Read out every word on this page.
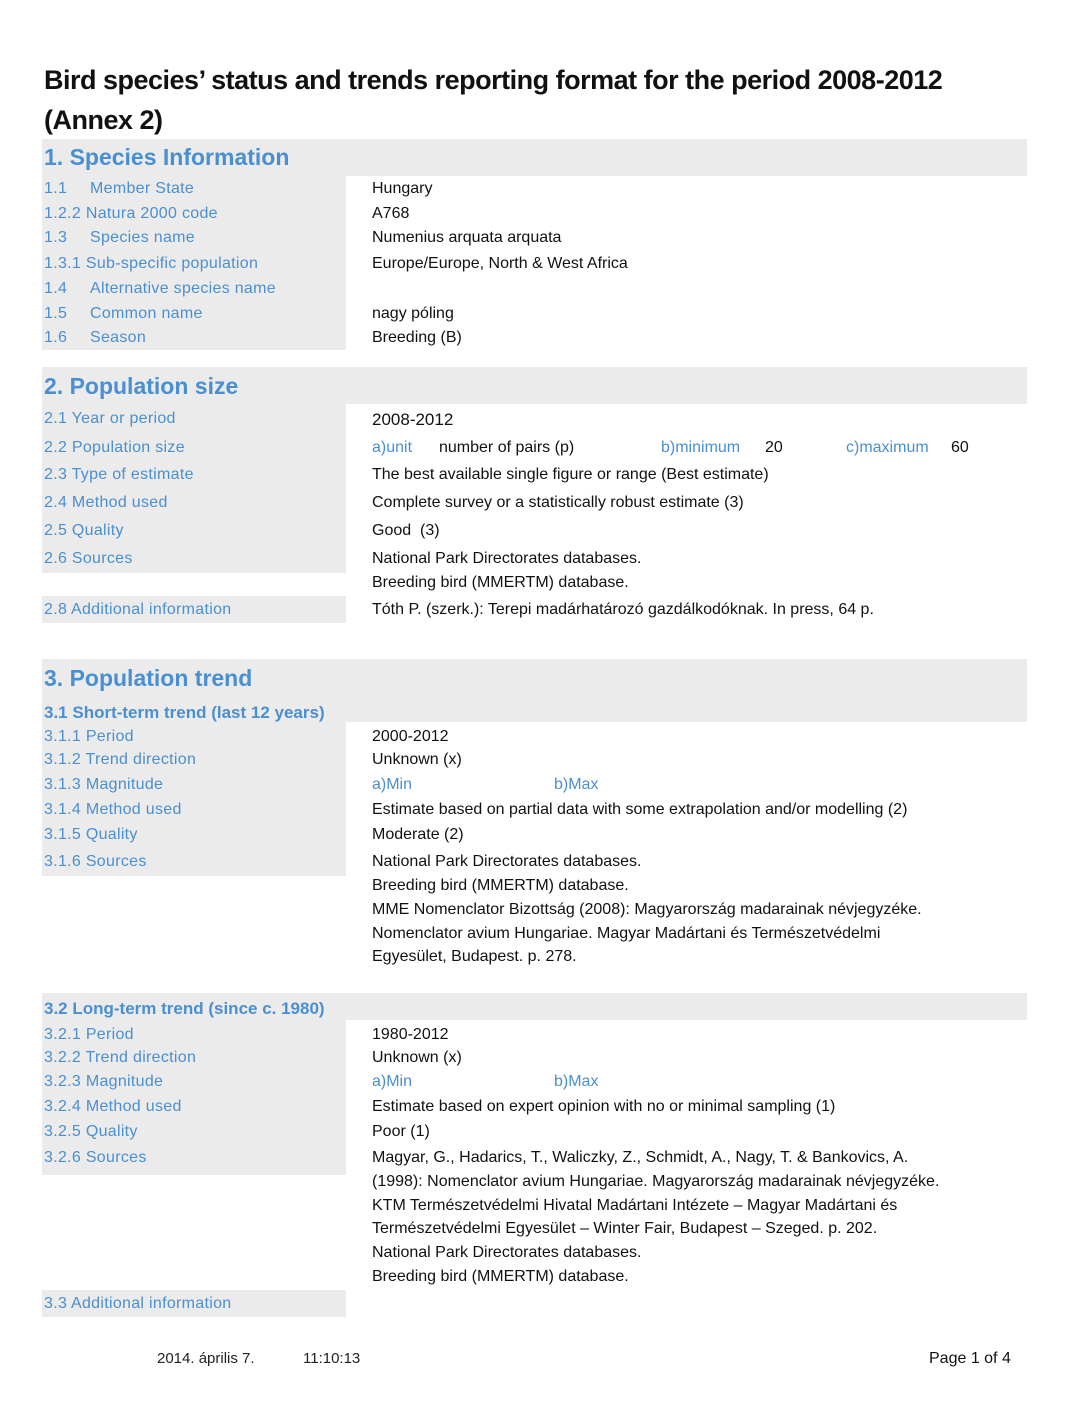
Bird species’ status and trends reporting format for the period 2008-2012
(Annex 2)
1. Species Information
1.1 Member State	Hungary
1.2.2 Natura 2000 code	A768
1.3 Species name	Numenius arquata arquata
1.3.1 Sub-specific population	Europe/Europe, North & West Africa
1.4 Alternative species name
1.5 Common name	nagy póling
1.6 Season	Breeding (B)
2. Population size
2.1 Year or period	2008-2012
2.2 Population size	a)unit number of pairs (p)	b)minimum 20	c)maximum 60
2.3 Type of estimate	The best available single figure or range (Best estimate)
2.4 Method used	Complete survey or a statistically robust estimate (3)
2.5 Quality	Good  (3)
2.6 Sources	National Park Directorates databases.
Breeding bird (MMERTM) database.
2.8 Additional information	Tóth P. (szerk.): Terepi madárhatározó gazdálkodóknak. In press, 64 p.
3. Population trend
3.1 Short-term trend (last 12 years)
3.1.1 Period	2000-2012
3.1.2 Trend direction	Unknown (x)
3.1.3 Magnitude	a)Min	b)Max
3.1.4 Method used	Estimate based on partial data with some extrapolation and/or modelling (2)
3.1.5 Quality	Moderate (2)
3.1.6 Sources	National Park Directorates databases.
Breeding bird (MMERTM) database.
MME Nomenclator Bizottság (2008): Magyarország madarainak névjegyzéke.
Nomenclator avium Hungariae. Magyar Madártani és Természetvédelmi
Egyesület, Budapest. p. 278.
3.2 Long-term trend (since c. 1980)
3.2.1 Period	1980-2012
3.2.2 Trend direction	Unknown (x)
3.2.3 Magnitude	a)Min	b)Max
3.2.4 Method used	Estimate based on expert opinion with no or minimal sampling (1)
3.2.5 Quality	Poor (1)
3.2.6 Sources	Magyar, G., Hadarics, T., Waliczky, Z., Schmidt, A., Nagy, T. & Bankovics, A.
(1998): Nomenclator avium Hungariae. Magyarország madarainak névjegyzéke.
KTM Természetvédelmi Hivatal Madártani Intézete – Magyar Madártani és
Természetvédelmi Egyesület – Winter Fair, Budapest – Szeged. p. 202.
National Park Directorates databases.
Breeding bird (MMERTM) database.
3.3 Additional information
2014. április 7.	11:10:13	Page 1 of 4
